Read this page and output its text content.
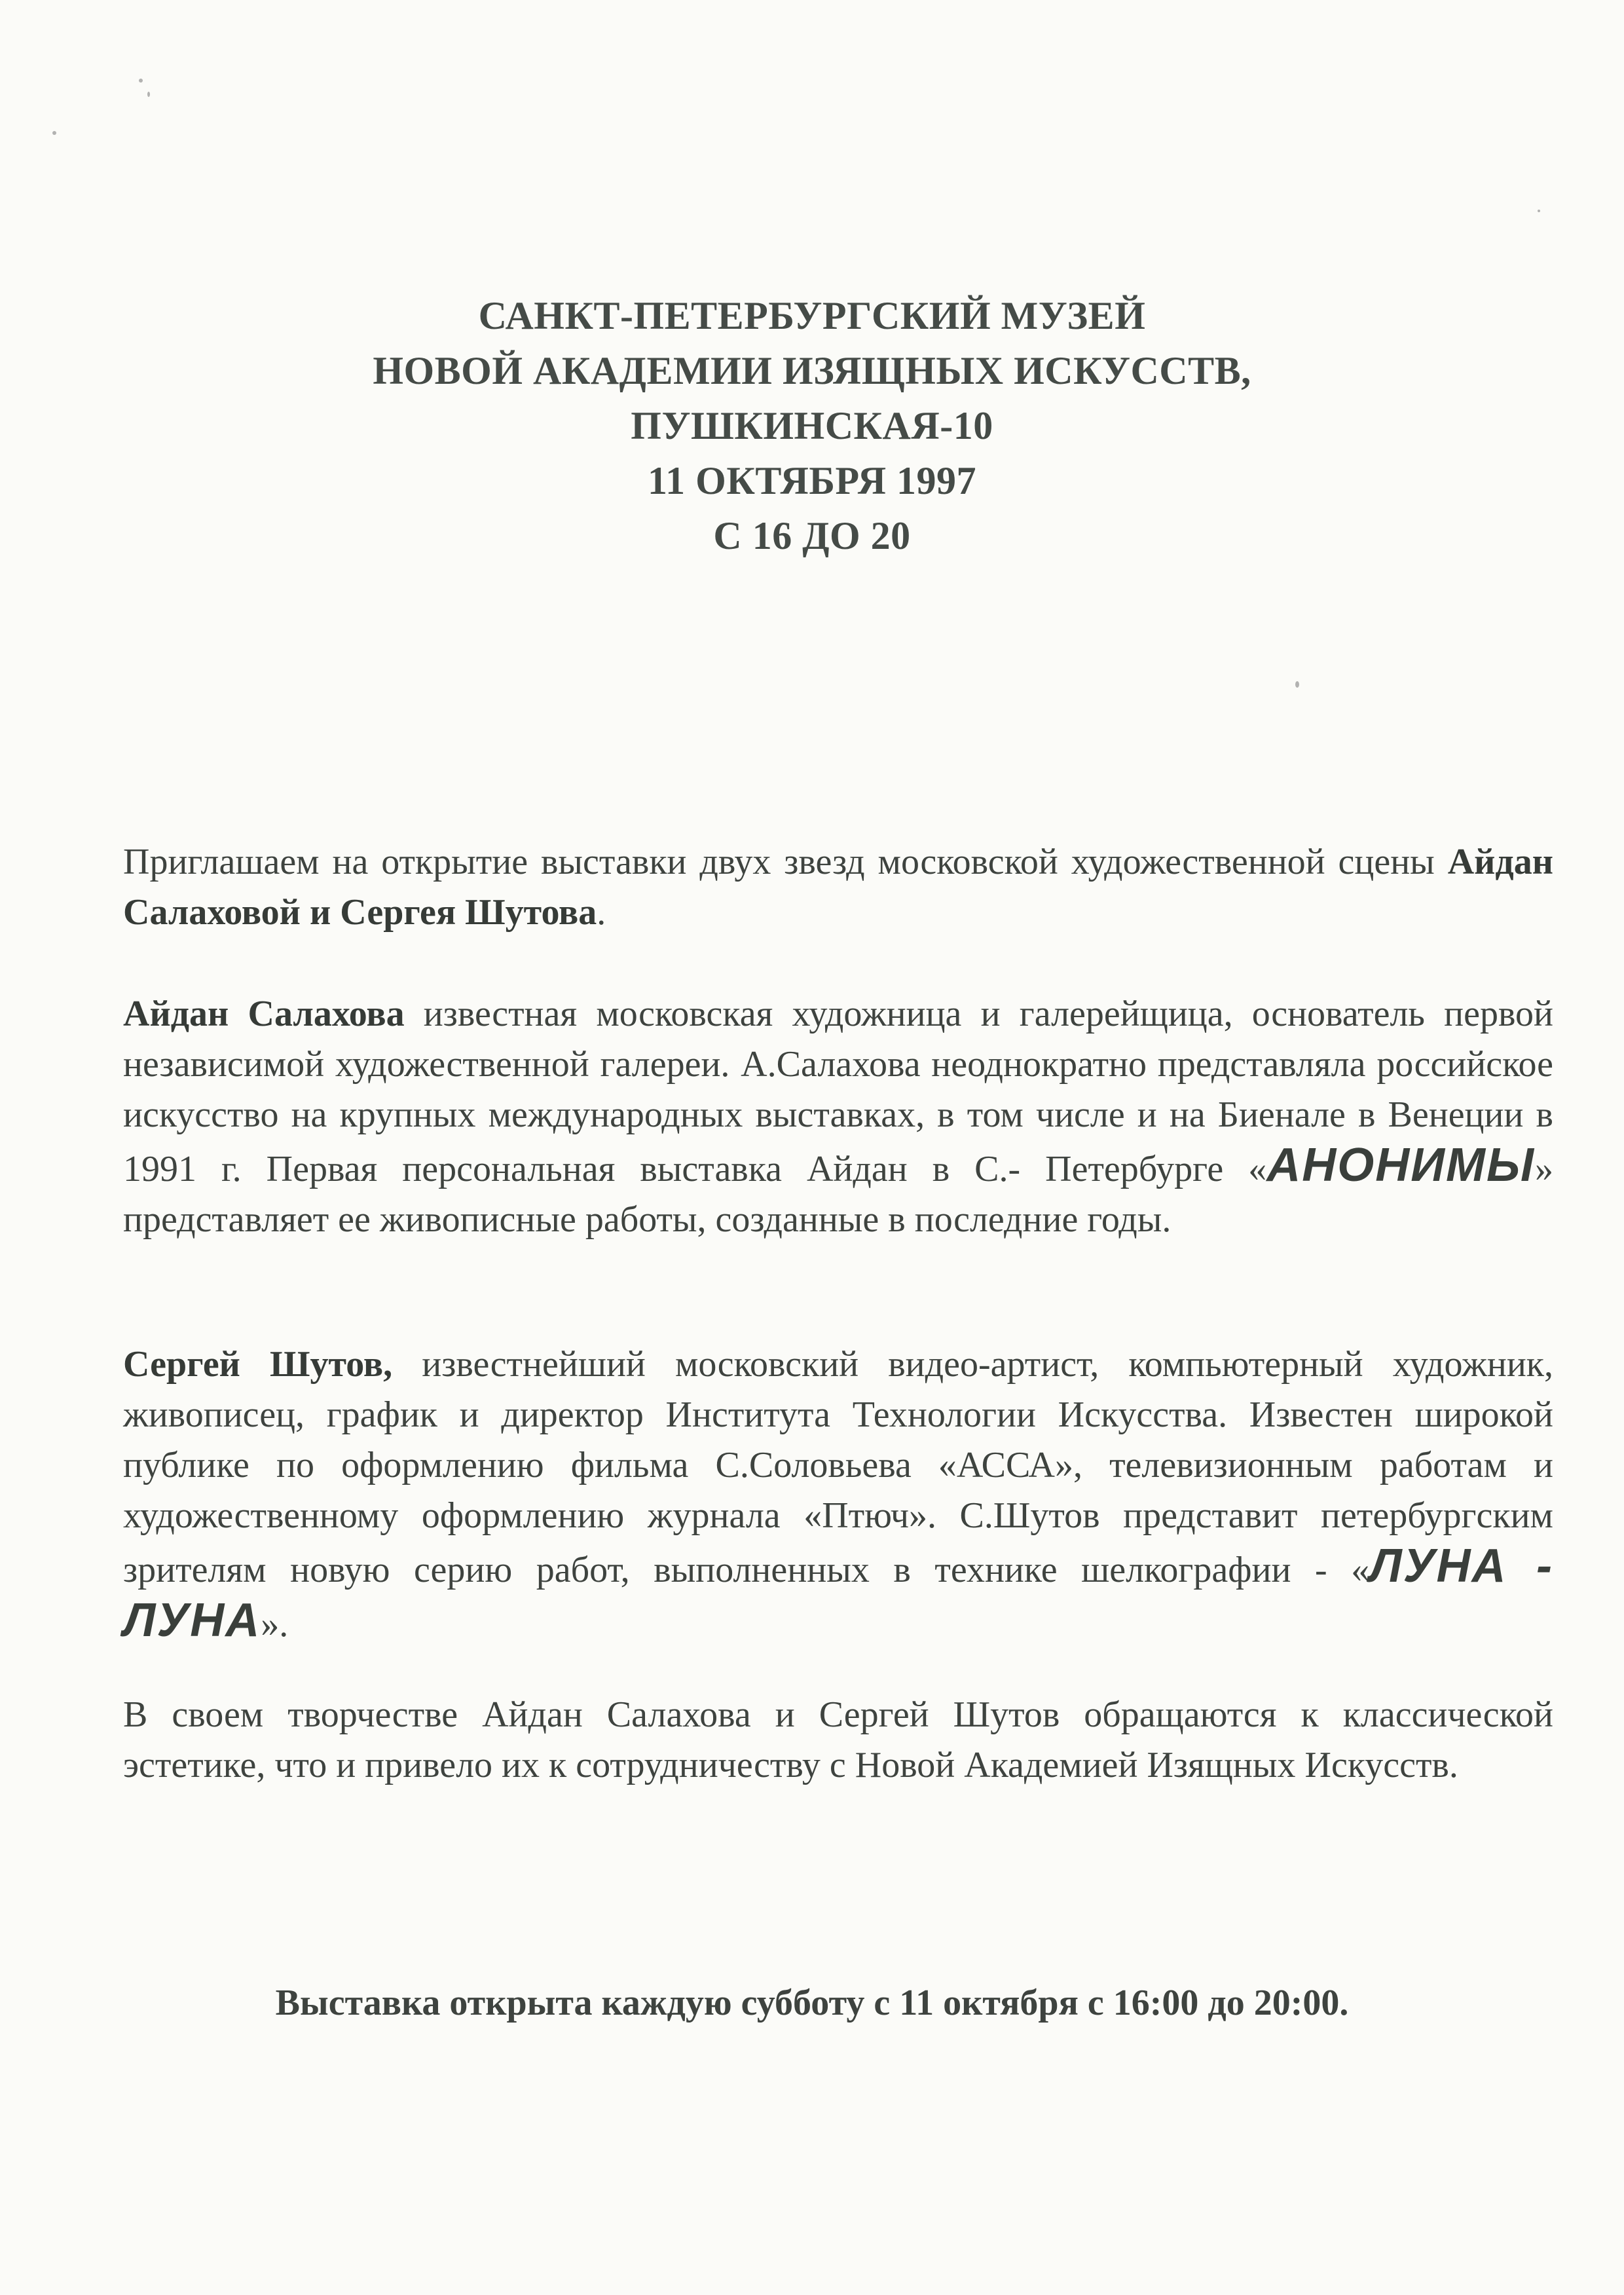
САНКТ-ПЕТЕРБУРГСКИЙ МУЗЕЙ
НОВОЙ АКАДЕМИИ ИЗЯЩНЫХ ИСКУССТВ,
ПУШКИНСКАЯ-10
11 ОКТЯБРЯ 1997
С 16 ДО 20
Приглашаем на открытие выставки двух звезд московской художественной сцены Айдан Салаховой и Сергея Шутова.
Айдан Салахова известная московская художница и галерейщица, основатель первой независимой художественной галереи. А.Салахова неоднократно представляла российское искусство на крупных международных выставках, в том числе и на Биенале в Венеции в 1991 г. Первая персональная выставка Айдан в С.- Петербурге «АНОНИМЫ» представляет ее живописные работы, созданные в последние годы.
Сергей Шутов, известнейший московский видео-артист, компьютерный художник, живописец, график и директор Института Технологии Искусства. Известен широкой публике по оформлению фильма С.Соловьева «АССА», телевизионным работам и художественному оформлению журнала «Птюч». С.Шутов представит петербургским зрителям новую серию работ, выполненных в технике шелкографии - «ЛУНА - ЛУНА».
В своем творчестве Айдан Салахова и Сергей Шутов обращаются к классической эстетике, что и привело их к сотрудничеству с Новой Академией Изящных Искусств.
Выставка открыта каждую субботу с 11 октября с 16:00 до 20:00.
